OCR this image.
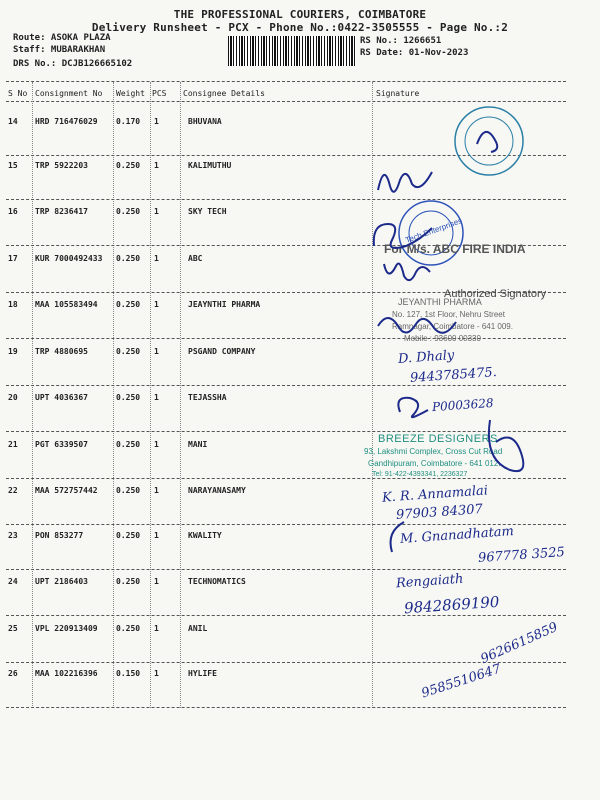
THE PROFESSIONAL COURIERS, COIMBATORE
Delivery Runsheet - PCX - Phone No.:0422-3505555 - Page No.:2
Route: ASOKA PLAZA
Staff: MUBARAKHAN
DRS No.: DCJB126665102
RS No.: 1266651
RS Date: 01-Nov-2023
S No Consignment No Weight PCS Consignee Details	Signature
14 HRD 716476029 0.170 1	BHUVANA
15 TRP 5922203	0.250 1	KALIMUTHU
16 TRP 8236417	0.250 1	SKY TECH
17 KUR 7000492433 0.250 1	ABC
18 MAA 105583494 0.250 1	JEAYNTHI PHARMA
19 TRP 4880695	0.250 1	PSGAND COMPANY
20 UPT 4036367	0.250 1	TEJASSHA
21 PGT 6339507	0.250 1	MANI
22 MAA 572757442 0.250 1	NARAYANASAMY
23 PON 853277	0.250 1	KWALITY
24 UPT 2186403	0.250 1	TECHNOMATICS
25 VPL 220913409 0.250 1	ANIL
26 MAA 102216396 0.150 1	HYLIFE
Tech Enterprises
For M/s. ABC FIRE INDIA
Authorized Signatory
JEYANTHI PHARMA
No. 127, 1st Floor, Nehru Street
Ramnagar, Coimbatore - 641 009.
Mobile : 93600 00330
BREEZE DESIGNERS
93, Lakshmi Complex, Cross Cut Road
Gandhipuram, Coimbatore - 641 012.
Tel: 91-422-4393341, 2236327
D. Dhaly
9443785475.
P0003628
K. R. Annamalai
97903 84307
M. Gnanadhatam
967778 3525
Rengaiath
9842869190
9626615859
9585510647
